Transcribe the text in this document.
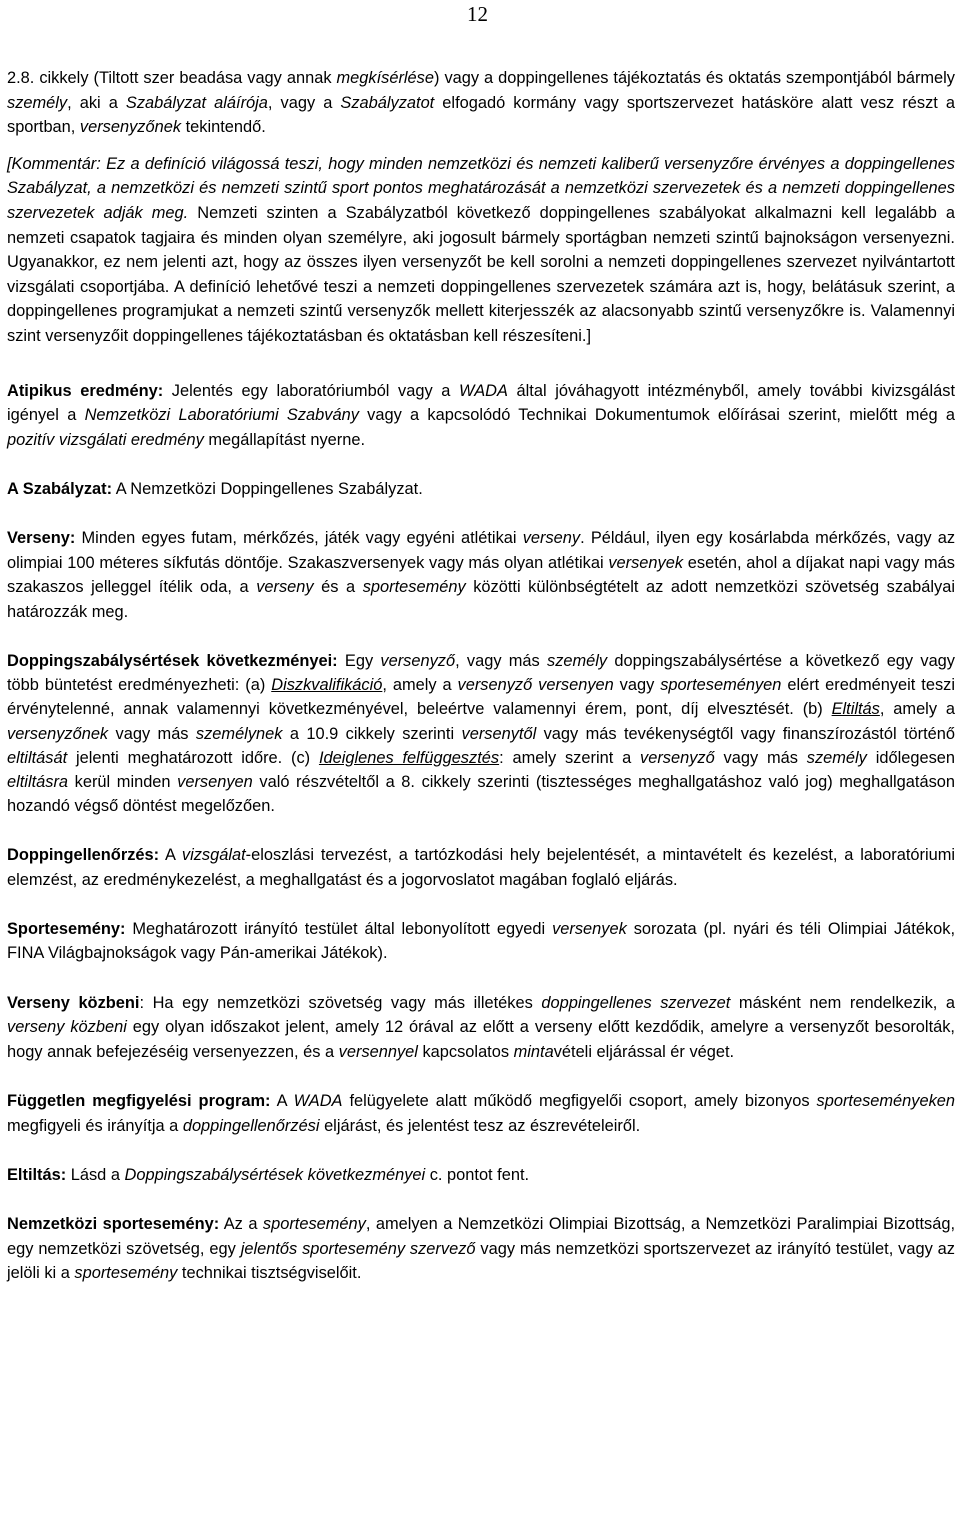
12

2.8. cikkely (Tiltott szer beadása vagy annak megkísérlése) vagy a doppingellenes tájékoztatás és oktatás szempontjából bármely személy, aki a Szabályzat aláírója, vagy a Szabályzatot elfogadó kormány vagy sportszervezet hatásköre alatt vesz részt a sportban, versenyzőnek tekintendő.

[Kommentár: Ez a definíció világossá teszi, hogy minden nemzetközi és nemzeti kaliberű versenyzőre érvényes a doppingellenes Szabályzat, a nemzetközi és nemzeti szintű sport pontos meghatározását a nemzetközi szervezetek és a nemzeti doppingellenes szervezetek adják meg. Nemzeti szinten a Szabályzatból következő doppingellenes szabályokat alkalmazni kell legalább a nemzeti csapatok tagjaira és minden olyan személyre, aki jogosult bármely sportágban nemzeti szintű bajnokságon versenyezni. Ugyanakkor, ez nem jelenti azt, hogy az összes ilyen versenyzőt be kell sorolni a nemzeti doppingellenes szervezet nyilvántartott vizsgálati csoportjába. A definíció lehetővé teszi a nemzeti doppingellenes szervezetek számára azt is, hogy, belátásuk szerint, a doppingellenes programjukat a nemzeti szintű versenyzők mellett kiterjesszék az alacsonyabb szintű versenyzőkre is. Valamennyi szint versenyzőit doppingellenes tájékoztatásban és oktatásban kell részesíteni.]

Atipikus eredmény: Jelentés egy laboratóriumból vagy a WADA által jóváhagyott intézményből, amely további kivizsgálást igényel a Nemzetközi Laboratóriumi Szabvány vagy a kapcsolódó Technikai Dokumentumok előírásai szerint, mielőtt még a pozitív vizsgálati eredmény megállapítást nyerne.

A Szabályzat: A Nemzetközi Doppingellenes Szabályzat.

Verseny: Minden egyes futam, mérkőzés, játék vagy egyéni atlétikai verseny. Például, ilyen egy kosárlabda mérkőzés, vagy az olimpiai 100 méteres síkfutás döntője. Szakaszversenyek vagy más olyan atlétikai versenyek esetén, ahol a díjakat napi vagy más szakaszos jelleggel ítélik oda, a verseny és a sportesemény közötti különbségtételt az adott nemzetközi szövetség szabályai határozzák meg.

Doppingszabálysértések következményei: Egy versenyző, vagy más személy doppingszabálysértése a következő egy vagy több büntetést eredményezheti: (a) Diszkvalifikáció, amely a versenyző versenyen vagy sporteseményen elért eredményeit teszi érvénytelenné, annak valamennyi következményével, beleértve valamennyi érem, pont, díj elvesztését. (b) Eltiltás, amely a versenyzőnek vagy más személynek a 10.9 cikkely szerinti versenytől vagy más tevékenységtől vagy finanszírozástól történő eltiltását jelenti meghatározott időre. (c) Ideiglenes felfüggesztés: amely szerint a versenyző vagy más személy időlegesen eltiltásra kerül minden versenyen való részvételtől a 8. cikkely szerinti (tisztességes meghallgatáshoz való jog) meghallgatáson hozandó végső döntést megelőzően.

Doppingellenőrzés: A vizsgálat-eloszlási tervezést, a tartózkodási hely bejelentését, a mintavételt és kezelést, a laboratóriumi elemzést, az eredménykezelést, a meghallgatást és a jogorvoslatot magában foglaló eljárás.

Sportesemény: Meghatározott irányító testület által lebonyolított egyedi versenyek sorozata (pl. nyári és téli Olimpiai Játékok, FINA Világbajnokságok vagy Pán-amerikai Játékok).

Verseny közbeni: Ha egy nemzetközi szövetség vagy más illetékes doppingellenes szervezet másként nem rendelkezik, a verseny közbeni egy olyan időszakot jelent, amely 12 órával az előtt a verseny előtt kezdődik, amelyre a versenyzőt besorolták, hogy annak befejezéséig versenyezzen, és a versennyel kapcsolatos mintavételi eljárással ér véget.

Független megfigyelési program: A WADA felügyelete alatt működő megfigyelői csoport, amely bizonyos sporteseményeken megfigyeli és irányítja a doppingellenőrzési eljárást, és jelentést tesz az észrevételeiről.

Eltiltás: Lásd a Doppingszabálysértések következményei c. pontot fent.

Nemzetközi sportesemény: Az a sportesemény, amelyen a Nemzetközi Olimpiai Bizottság, a Nemzetközi Paralimpiai Bizottság, egy nemzetközi szövetség, egy jelentős sportesemény szervező vagy más nemzetközi sportszervezet az irányító testület, vagy az jelöli ki a sportesemény technikai tisztségviselőit.
